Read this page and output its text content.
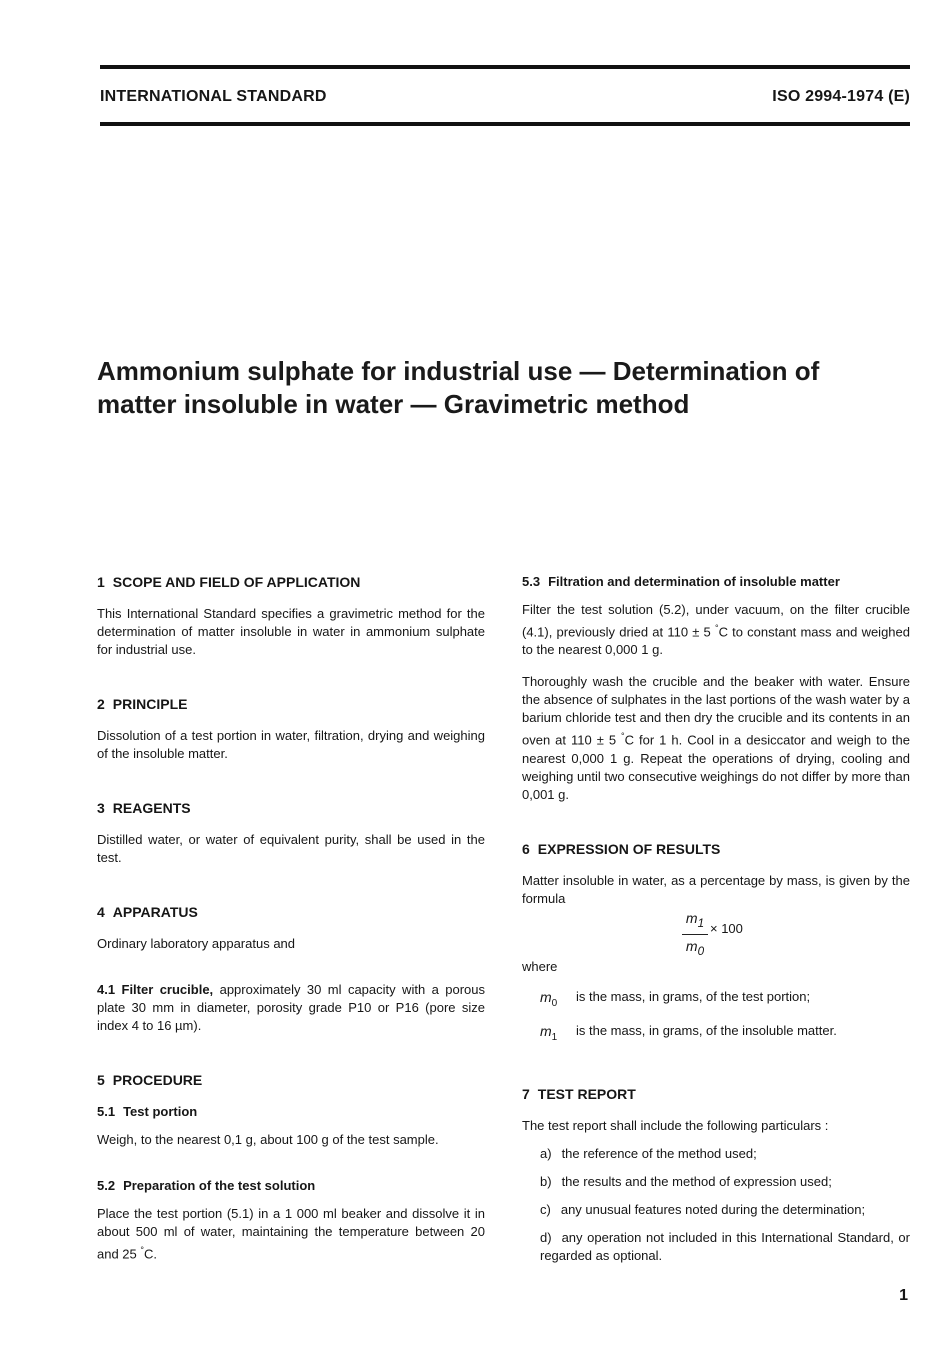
INTERNATIONAL STANDARD	ISO 2994-1974 (E)
Ammonium sulphate for industrial use — Determination of
matter insoluble in water — Gravimetric method
1 SCOPE AND FIELD OF APPLICATION

This International Standard specifies a gravimetric method for the determination of matter insoluble in water in ammonium sulphate for industrial use.

2 PRINCIPLE

Dissolution of a test portion in water, filtration, drying and weighing of the insoluble matter.

3 REAGENTS

Distilled water, or water of equivalent purity, shall be used in the test.

4 APPARATUS

Ordinary laboratory apparatus and

4.1 Filter crucible, approximately 30 ml capacity with a porous plate 30 mm in diameter, porosity grade P10 or P16 (pore size index 4 to 16 µm).

5 PROCEDURE
5.1 Test portion

Weigh, to the nearest 0,1 g, about 100 g of the test sample.

5.2 Preparation of the test solution

Place the test portion (5.1) in a 1 000 ml beaker and dissolve it in about 500 ml of water, maintaining the temperature between 20 and 25 °C.

5.3 Filtration and determination of insoluble matter

Filter the test solution (5.2), under vacuum, on the filter crucible (4.1), previously dried at 110 ± 5 °C to constant mass and weighed to the nearest 0,000 1 g.

Thoroughly wash the crucible and the beaker with water. Ensure the absence of sulphates in the last portions of the wash water by a barium chloride test and then dry the crucible and its contents in an oven at 110 ± 5 °C for 1 h. Cool in a desiccator and weigh to the nearest 0,000 1 g. Repeat the operations of drying, cooling and weighing until two consecutive weighings do not differ by more than 0,001 g.

6 EXPRESSION OF RESULTS

Matter insoluble in water, as a percentage by mass, is given by the formula

$m_1$
$m_0$
× 100
where
$m_0$	is the mass, in grams, of the test portion;
$m_1$	is the mass, in grams, of the insoluble matter.
7 TEST REPORT

The test report shall include the following particulars :

a) the reference of the method used;
b) the results and the method of expression used;
c) any unusual features noted during the determination;
d) any operation not included in this International Standard, or regarded as optional.
1
